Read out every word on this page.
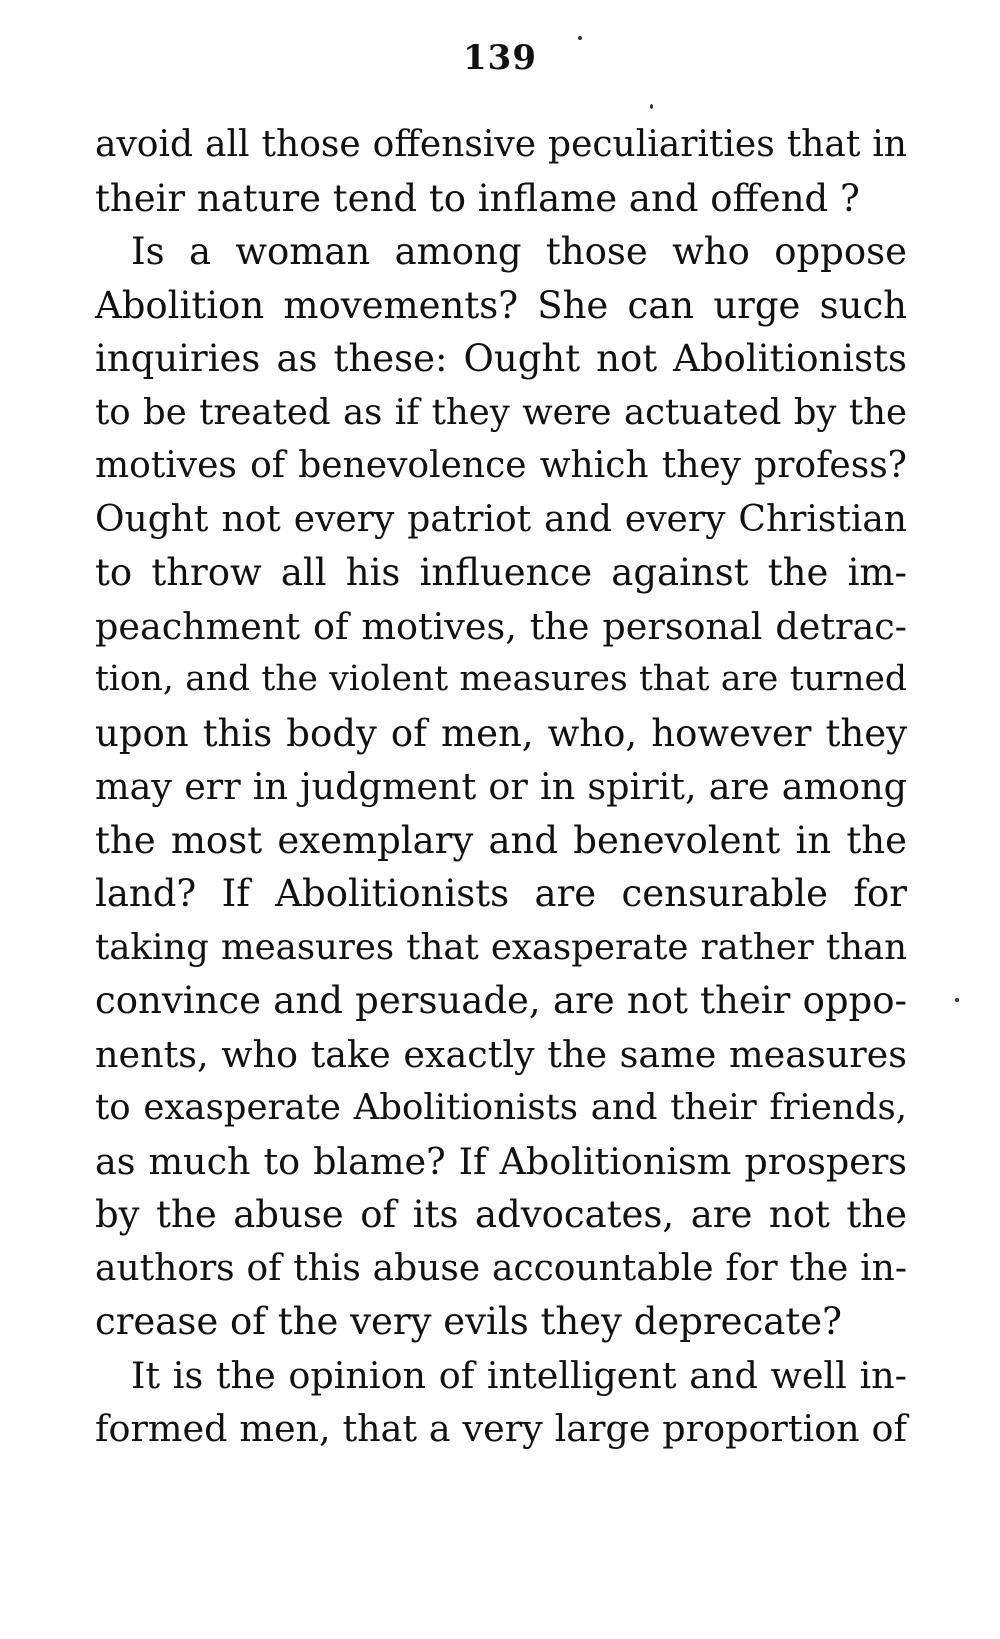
139
avoid all those offensive peculiarities that in
their nature tend to inflame and offend ?
Is a woman among those who oppose
Abolition movements? She can urge such
inquiries as these: Ought not Abolitionists
to be treated as if they were actuated by the
motives of benevolence which they profess?
Ought not every patriot and every Christian
to throw all his influence against the im-
peachment of motives, the personal detrac-
tion, and the violent measures that are turned
upon this body of men, who, however they
may err in judgment or in spirit, are among
the most exemplary and benevolent in the
land? If Abolitionists are censurable for
taking measures that exasperate rather than
convince and persuade, are not their oppo-
nents, who take exactly the same measures
to exasperate Abolitionists and their friends,
as much to blame? If Abolitionism prospers
by the abuse of its advocates, are not the
authors of this abuse accountable for the in-
crease of the very evils they deprecate?
It is the opinion of intelligent and well in-
formed men, that a very large proportion of
